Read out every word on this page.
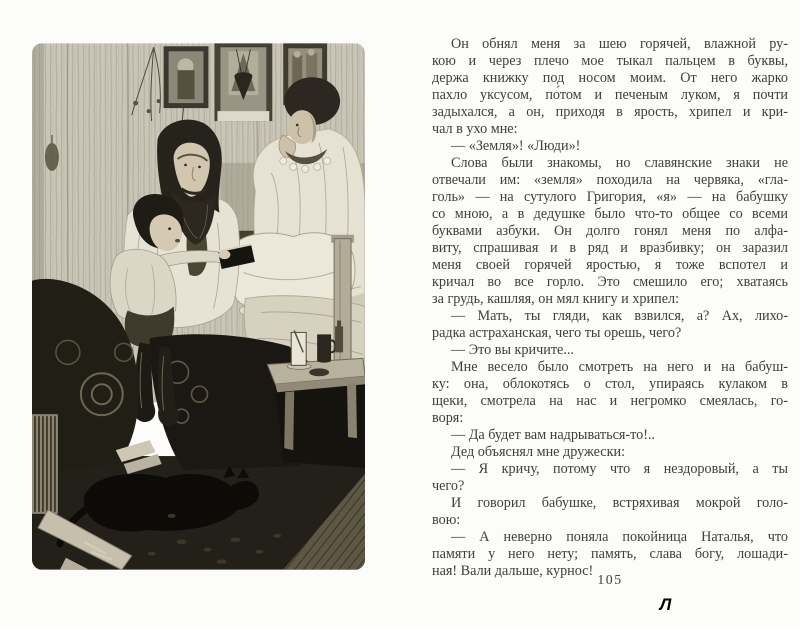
Он обнял меня за шею горячей, влажной ру-
кою и через плечо мое тыкал пальцем в буквы,
держа книжку под носом моим. От него жарко
пахло уксусом, по́том и печеным луком, я почти
задыхался, а он, приходя в ярость, хрипел и кри-
чал в ухо мне:
— «Земля»! «Люди»!
Слова были знакомы, но славянские знаки не
отвечали им: «земля» походила на червяка, «гла-
голь» — на сутулого Григория, «я» — на бабушку
со мною, а в дедушке было что-то общее со всеми
буквами азбуки. Он долго гонял меня по алфа-
виту, спрашивая и в ряд и вразбивку; он заразил
меня своей горячей яростью, я тоже вспотел и
кричал во все горло. Это смешило его; хватаясь
за грудь, кашляя, он мял книгу и хрипел:
— Мать, ты гляди, как взвился, а? Ах, лихо-
радка астраханская, чего ты орешь, чего?
— Это вы кричите...
Мне весело было смотреть на него и на бабуш-
ку: она, облокотясь о стол, упираясь кулаком в
щеки, смотрела на нас и негромко смеялась, го-
воря:
— Да будет вам надрываться-то!..
Дед объяснял мне дружески:
— Я кричу, потому что я нездоровый, а ты
чего?
И говорил бабушке, встряхивая мокрой голо-
вою:
— А неверно поняла покойница Наталья, что
памяти у него нету; память, слава богу, лошади-
ная! Вали дальше, курнос!
105
Л
